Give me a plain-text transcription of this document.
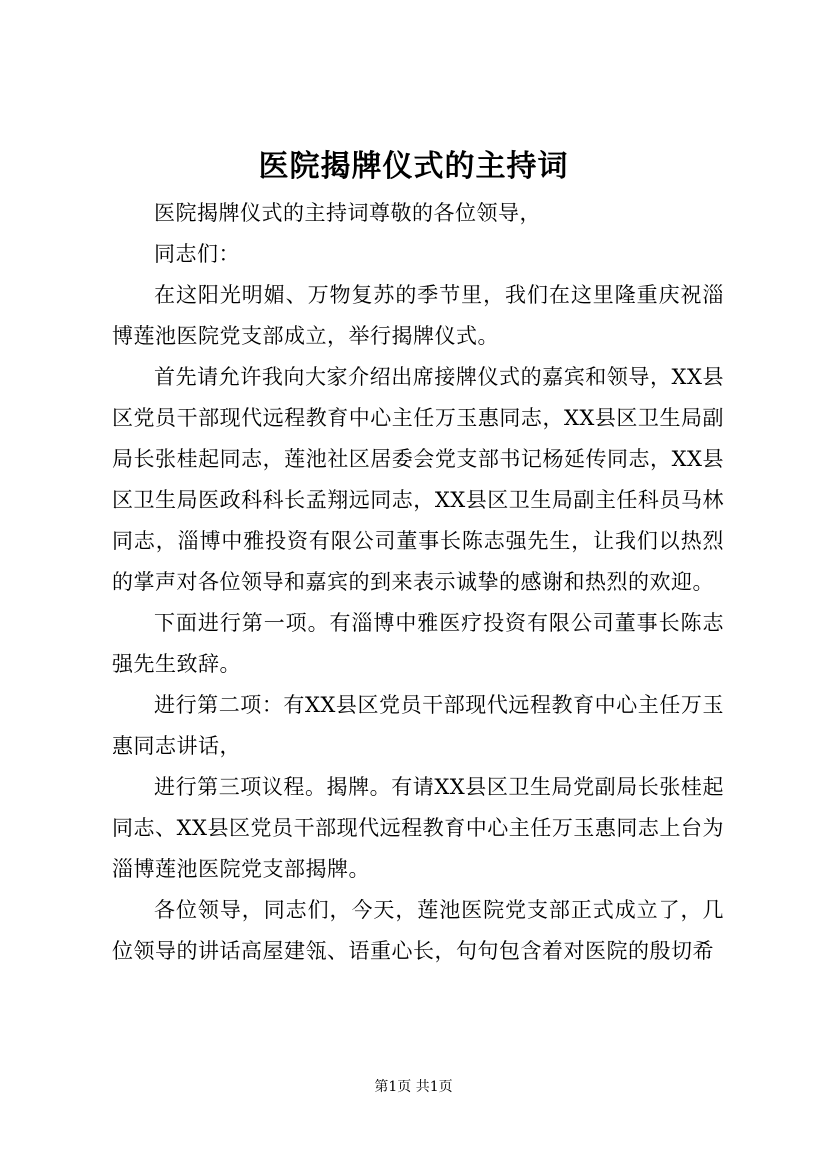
医院揭牌仪式的主持词

医院揭牌仪式的主持词尊敬的各位领导，

同志们：

在这阳光明媚、万物复苏的季节里，我们在这里隆重庆祝淄博莲池医院党支部成立，举行揭牌仪式。

首先请允许我向大家介绍出席接牌仪式的嘉宾和领导，XX县区党员干部现代远程教育中心主任万玉惠同志，XX县区卫生局副局长张桂起同志，莲池社区居委会党支部书记杨延传同志，XX县区卫生局医政科科长孟翔远同志，XX县区卫生局副主任科员马林同志，淄博中雅投资有限公司董事长陈志强先生，让我们以热烈的掌声对各位领导和嘉宾的到来表示诚挚的感谢和热烈的欢迎。

下面进行第一项。有淄博中雅医疗投资有限公司董事长陈志强先生致辞。

进行第二项：有XX县区党员干部现代远程教育中心主任万玉惠同志讲话，

进行第三项议程。揭牌。有请XX县区卫生局党副局长张桂起同志、XX县区党员干部现代远程教育中心主任万玉惠同志上台为淄博莲池医院党支部揭牌。

各位领导，同志们，今天，莲池医院党支部正式成立了，几位领导的讲话高屋建瓴、语重心长，句句包含着对医院的殷切希

第1页 共1页
